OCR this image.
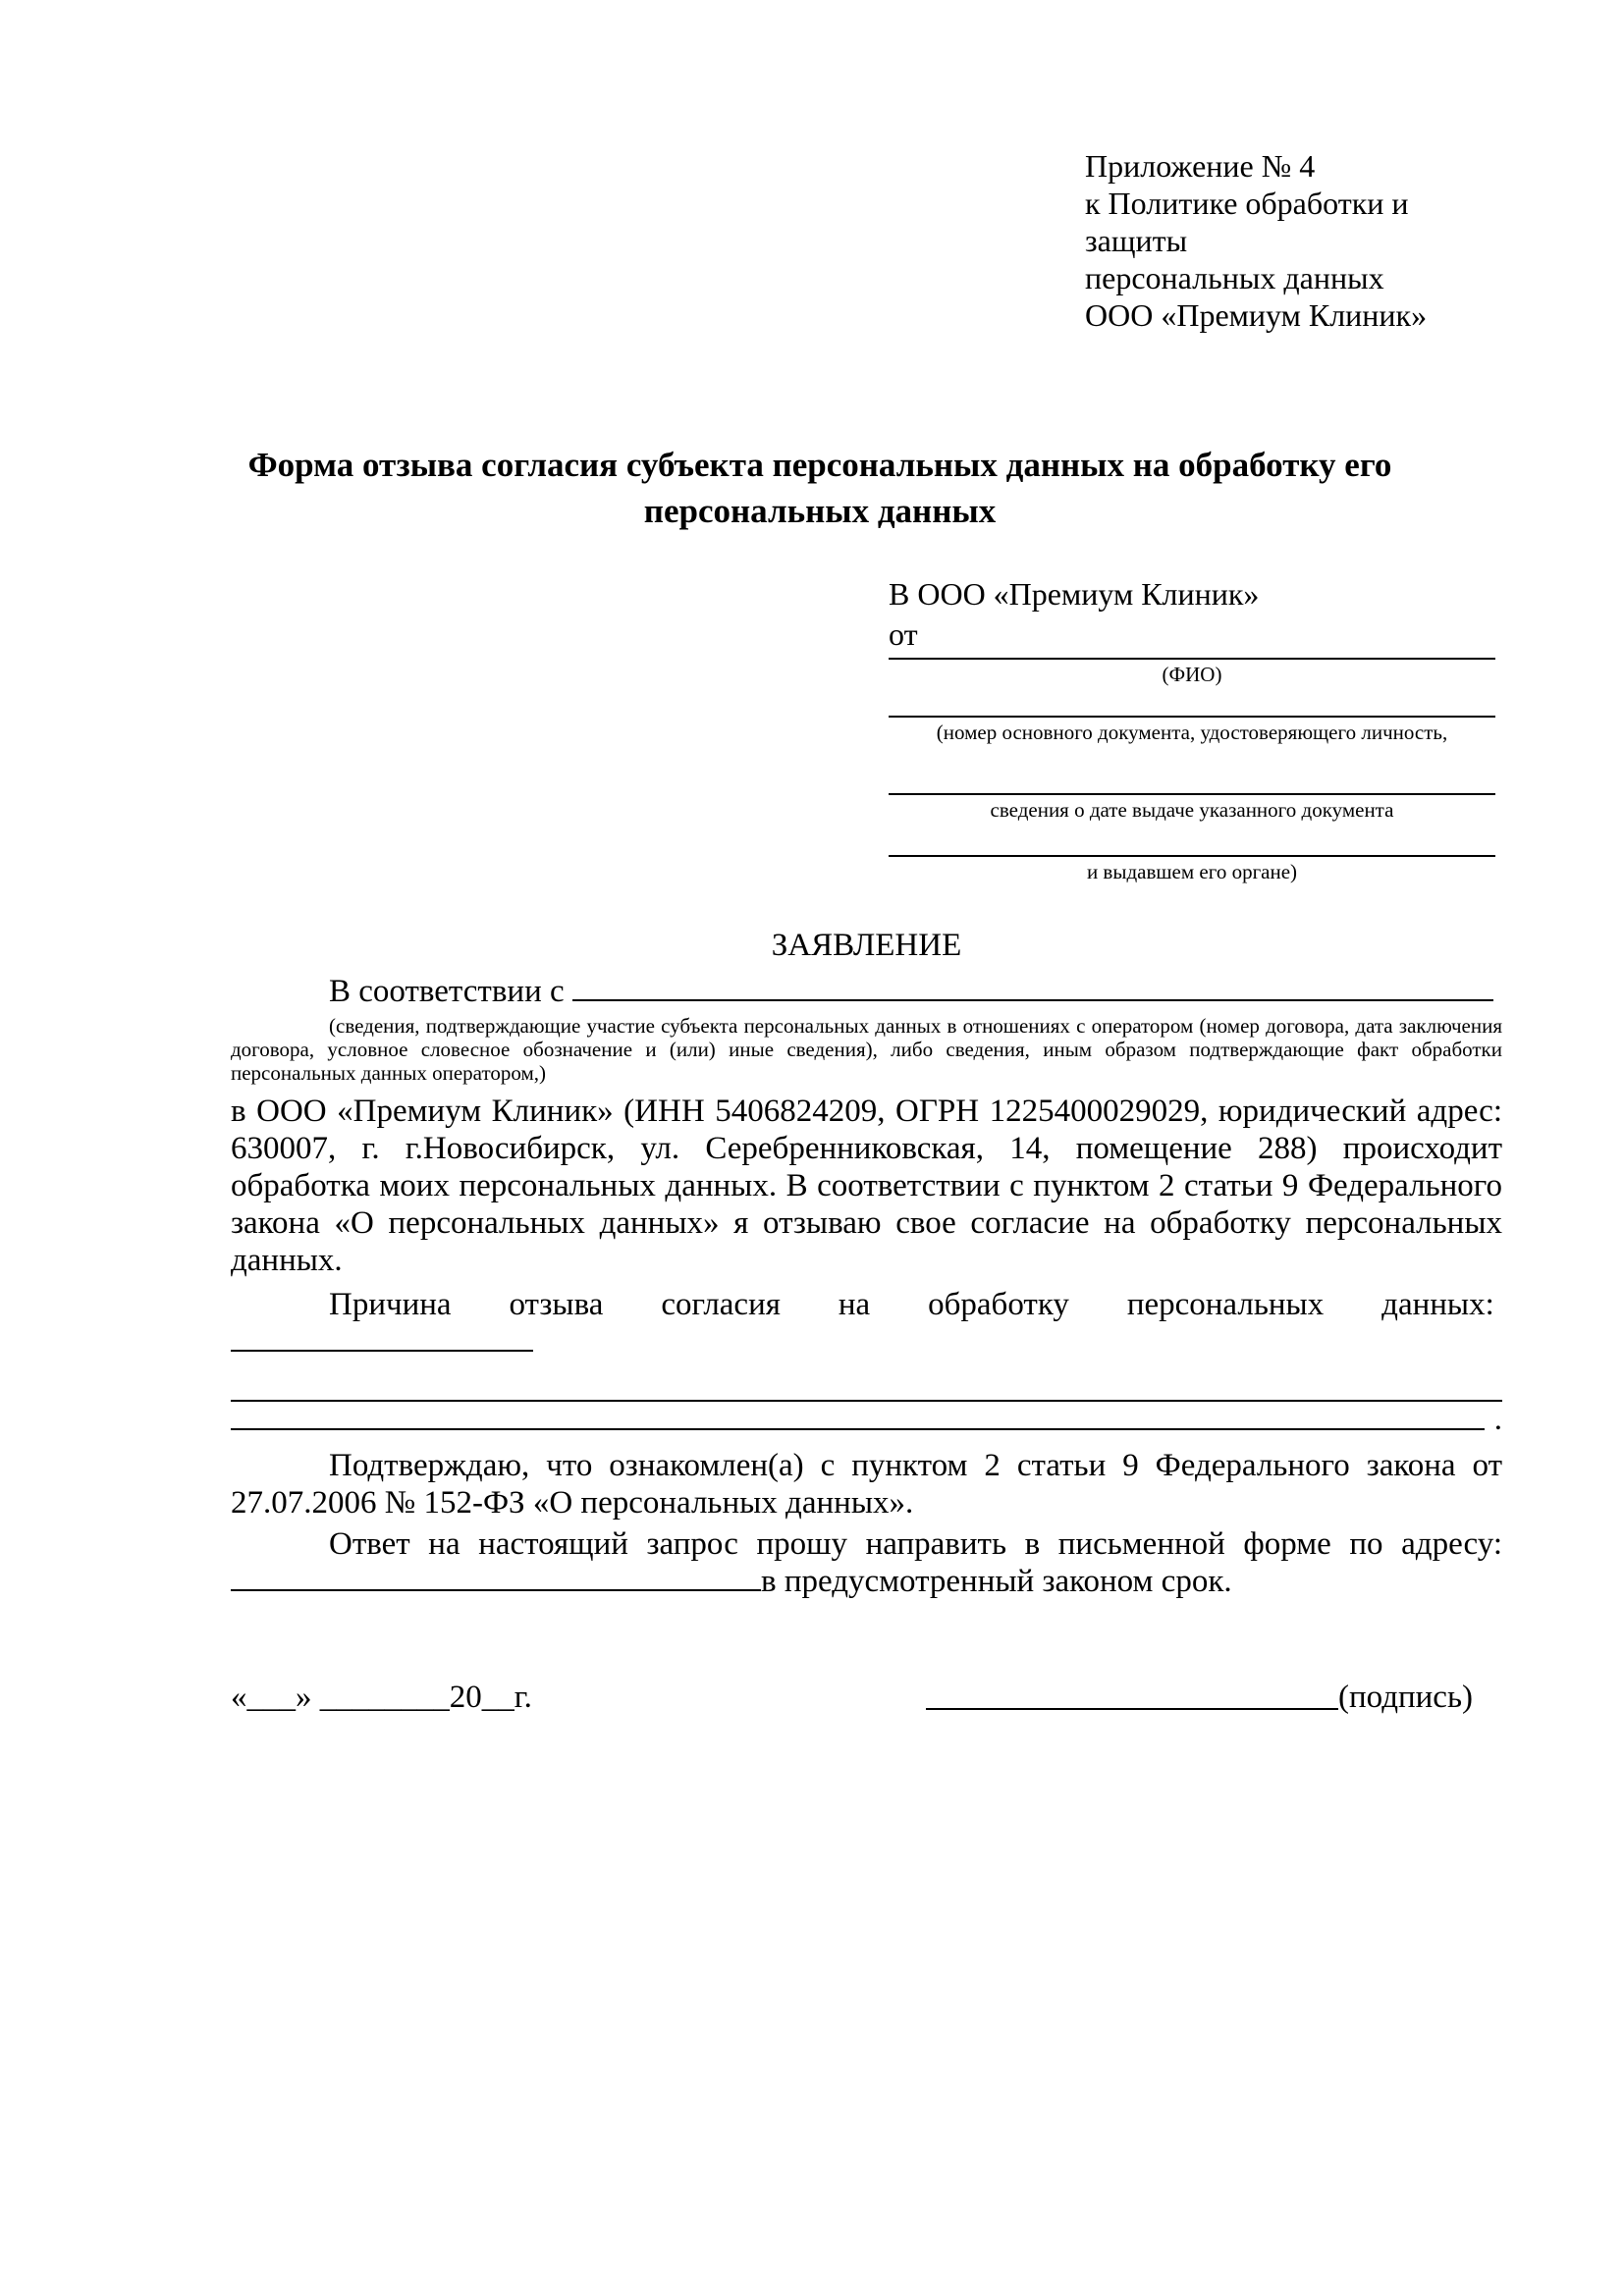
Приложение № 4
к Политике обработки и защиты
персональных данных
ООО «Премиум Клиник»
Форма отзыва согласия субъекта персональных данных на обработку его персональных данных
В ООО «Премиум Клиник»
от
(ФИО)
(номер основного документа, удостоверяющего личность,
сведения о дате выдаче указанного документа
и выдавшем его органе)
ЗАЯВЛЕНИЕ
В соответствии с
(сведения, подтверждающие участие субъекта персональных данных в отношениях с оператором (номер договора, дата заключения договора, условное словесное обозначение и (или) иные сведения), либо сведения, иным образом подтверждающие факт обработки персональных данных оператором,)
в ООО «Премиум Клиник» (ИНН 5406824209, ОГРН 1225400029029, юридический адрес: 630007, г. г.Новосибирск, ул. Серебренниковская, 14, помещение 288) происходит обработка моих персональных данных. В соответствии с пунктом 2 статьи 9 Федерального закона «О персональных данных» я отзываю свое согласие на обработку персональных данных.
Причина отзыва согласия на обработку персональных данных:
.
Подтверждаю, что ознакомлен(а) с пунктом 2 статьи 9 Федерального закона от 27.07.2006 № 152-ФЗ «О персональных данных».
Ответ на настоящий запрос прошу направить в письменной форме по адресу: в предусмотренный законом срок.
«___» ________20__г.	(подпись)
